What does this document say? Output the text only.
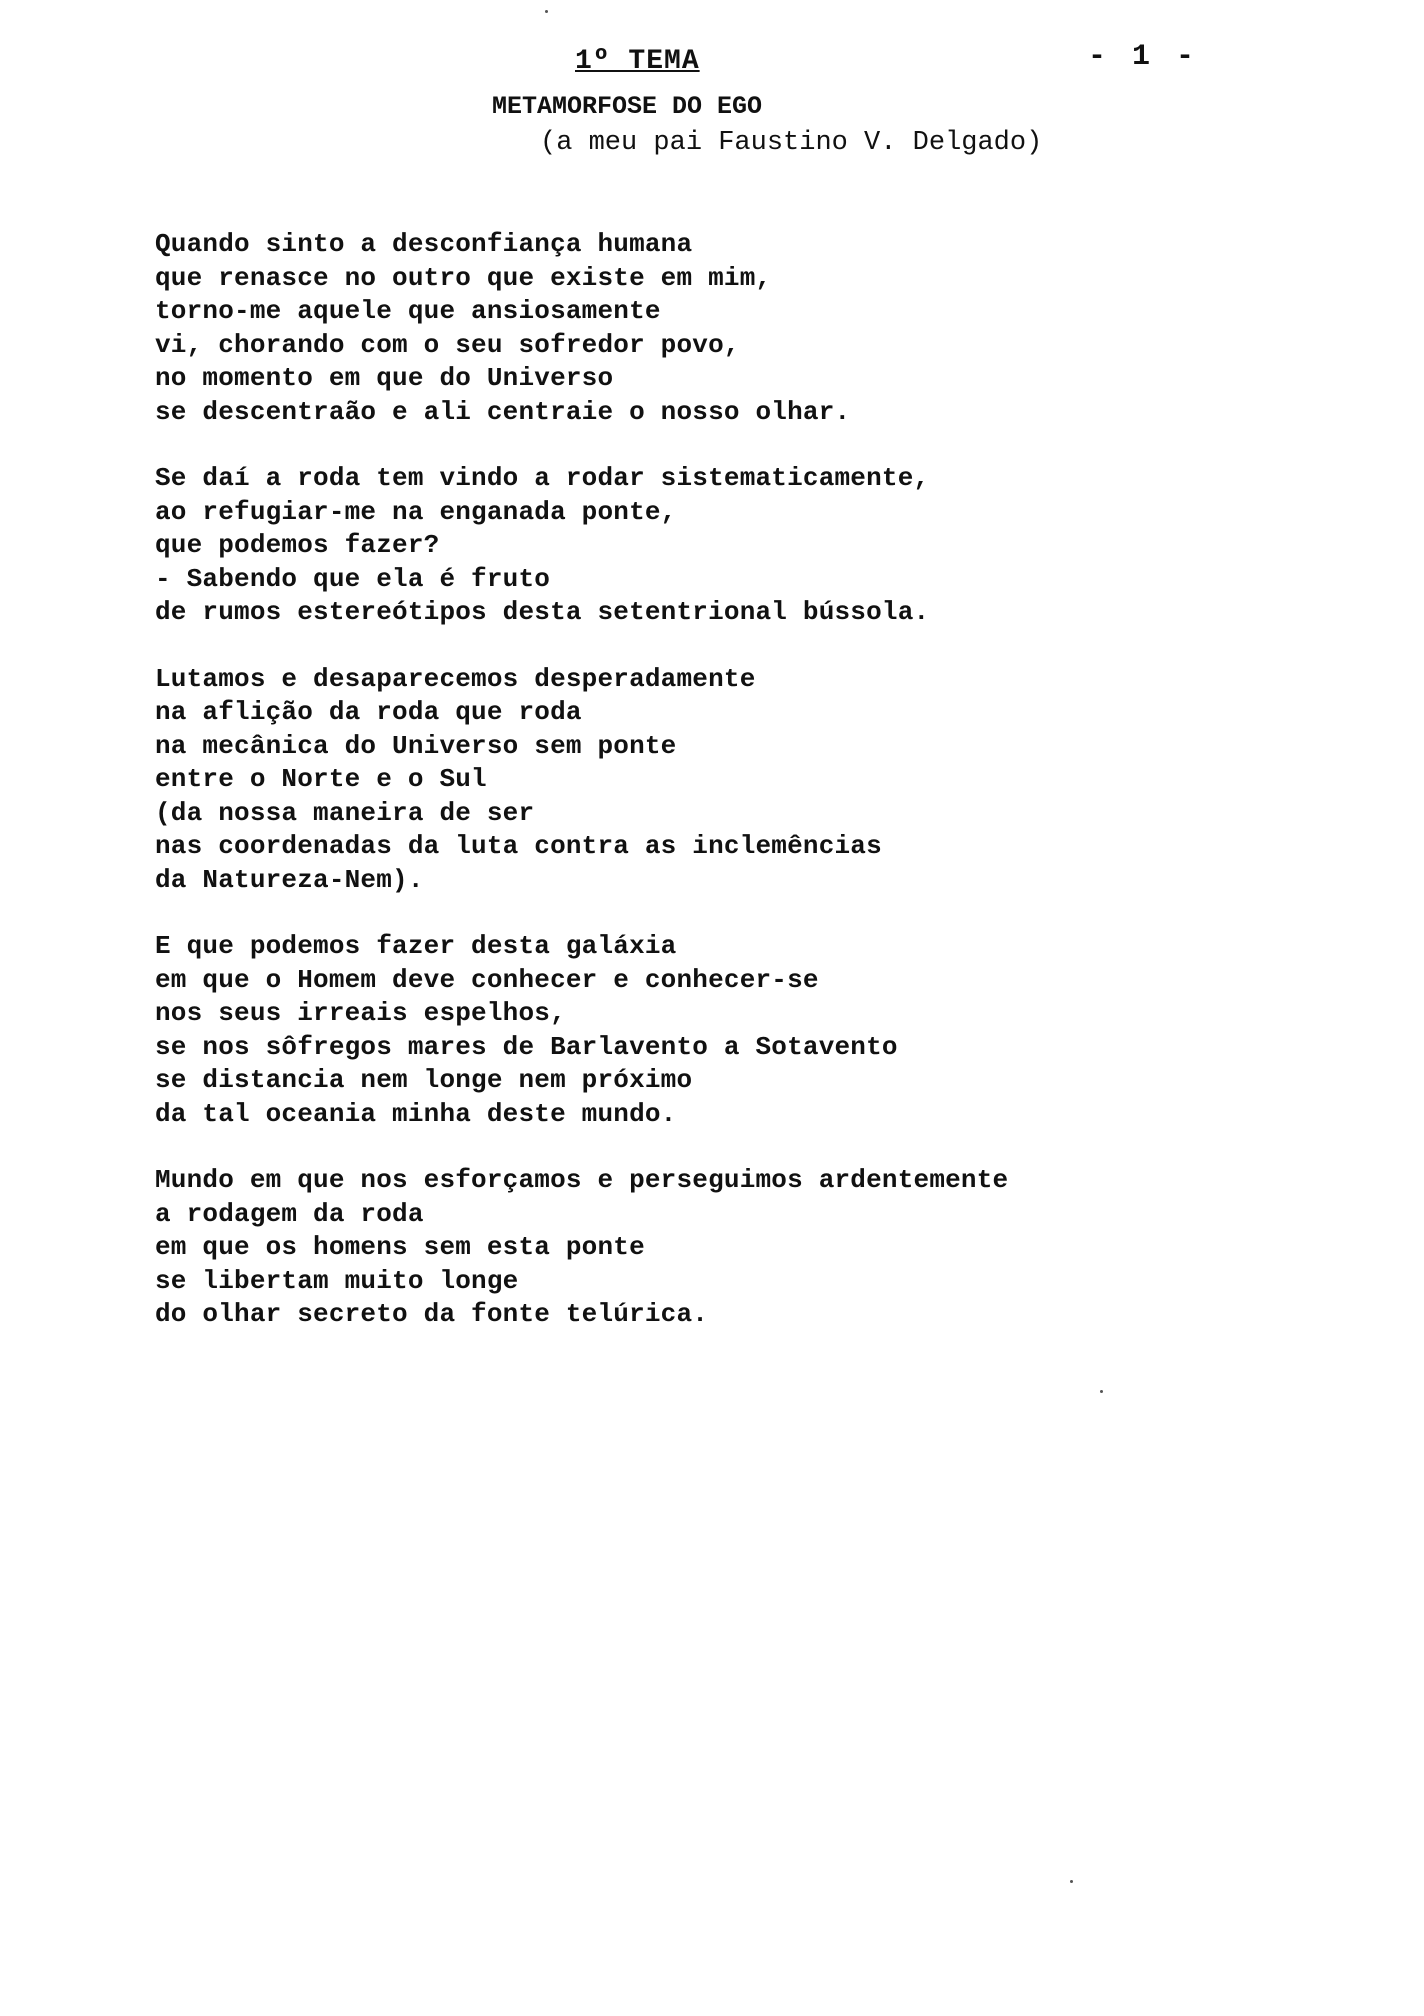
1º TEMA	- 1 -
METAMORFOSE DO EGO
(a meu pai Faustino V. Delgado)
Quando sinto a desconfiança humana
que renasce no outro que existe em mim,
torno-me aquele que ansiosamente
vi, chorando com o seu sofredor povo,
no momento em que do Universo
se descentraão e ali centraie o nosso olhar.
Se daí a roda tem vindo a rodar sistematicamente,
ao refugiar-me na enganada ponte,
que podemos fazer?
- Sabendo que ela é fruto
de rumos estereótipos desta setentrional bússola.
Lutamos e desaparecemos desperadamente
na aflição da roda que roda
na mecânica do Universo sem ponte
entre o Norte e o Sul
(da nossa maneira de ser
nas coordenadas da luta contra as inclemências
da Natureza-Nem).
E que podemos fazer desta galáxia
em que o Homem deve conhecer e conhecer-se
nos seus irreais espelhos,
se nos sôfregos mares de Barlavento a Sotavento
se distancia nem longe nem próximo
da tal oceania minha deste mundo.
Mundo em que nos esforçamos e perseguimos ardentemente
a rodagem da roda
em que os homens sem esta ponte
se libertam muito longe
do olhar secreto da fonte telúrica.
